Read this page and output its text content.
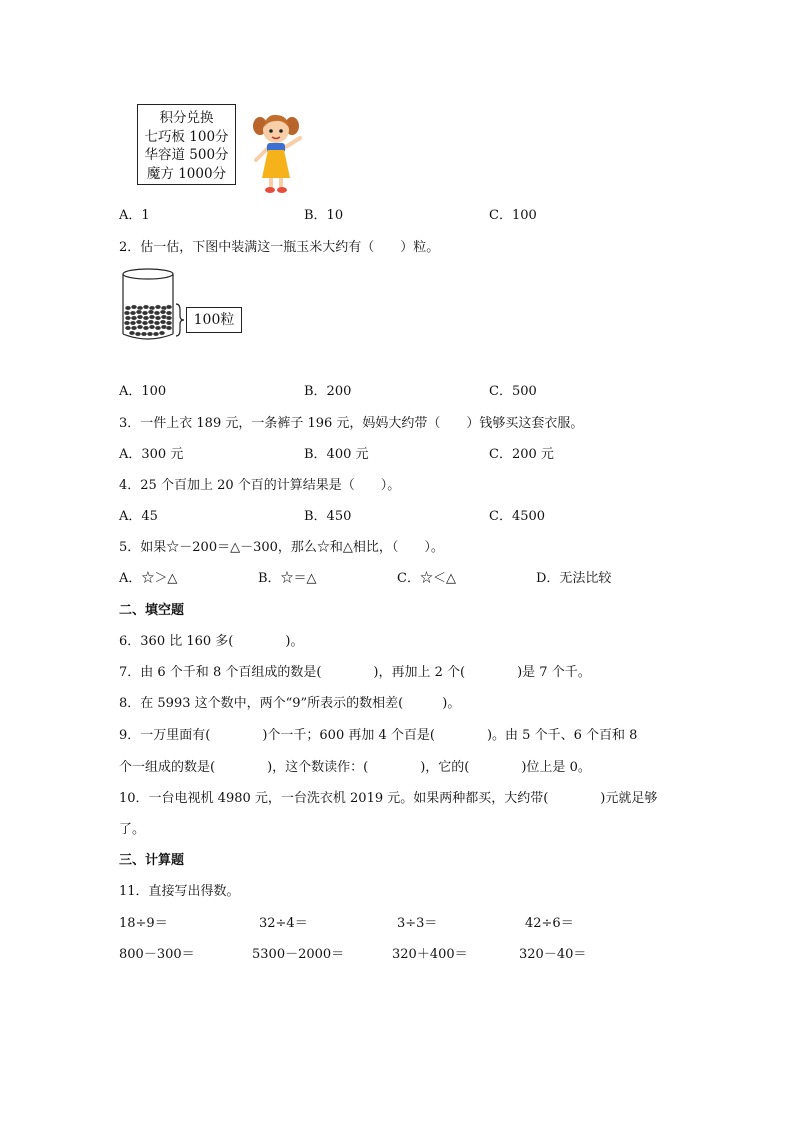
积分兑换
七巧板 100分
华容道 500分
魔方 1000分
A．1	B．10	C．100
2．估一估，下图中装满这一瓶玉米大约有（　　）粒。
100粒
A．100	B．200	C．500
3．一件上衣 189 元，一条裤子 196 元，妈妈大约带（　　）钱够买这套衣服。
A．300 元	B．400 元	C．200 元
4．25 个百加上 20 个百的计算结果是（　　）。
A．45	B．450	C．4500
5．如果☆－200＝△－300，那么☆和△相比，（　　）。
A．☆＞△	B．☆＝△	C．☆＜△	D．无法比较
二、填空题
6．360 比 160 多(　　　　)。
7．由 6 个千和 8 个百组成的数是(　　　　)，再加上 2 个(　　　　)是 7 个千。
8．在 5993 这个数中，两个“9”所表示的数相差(　　　)。
9．一万里面有(　　　　)个一千；600 再加 4 个百是(　　　　)。由 5 个千、6 个百和 8
个一组成的数是(　　　　)，这个数读作：(　　　　)，它的(　　　　)位上是 0。
10．一台电视机 4980 元，一台洗衣机 2019 元。如果两种都买，大约带(　　　　)元就足够
了。
三、计算题
11．直接写出得数。
18÷9＝	32÷4＝	3÷3＝	42÷6＝
800－300＝	5300－2000＝	320＋400＝	320－40＝
